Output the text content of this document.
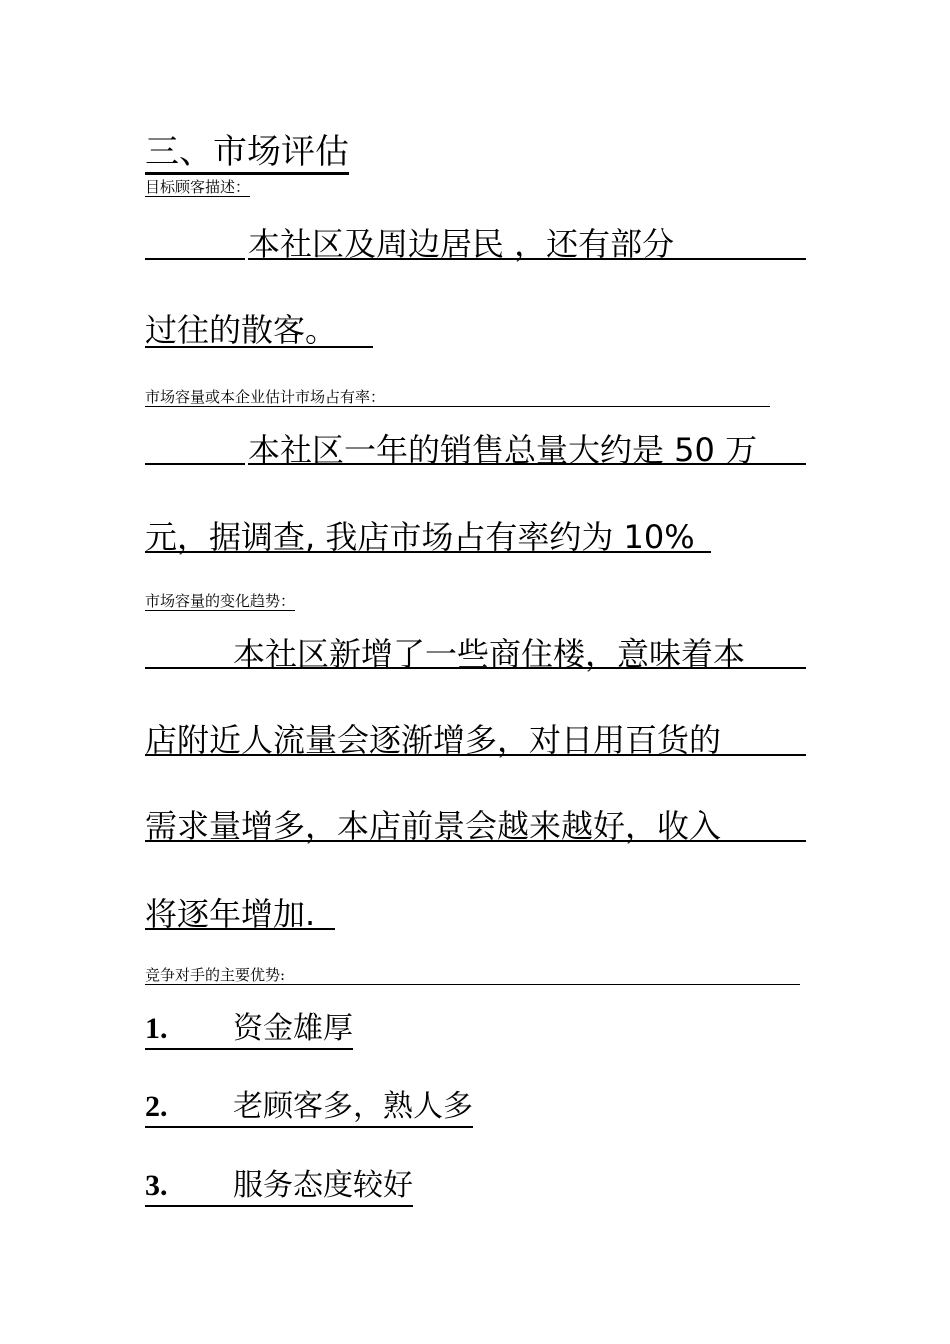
三、市场评估
目标顾客描述：
本社区及周边居民 ，还有部分
过往的散客。
市场容量或本企业估计市场占有率：
本社区一年的销售总量大约是 50 万
元，据调查, 我店市场占有率约为 10%
市场容量的变化趋势：
本社区新增了一些商住楼，意味着本
店附近人流量会逐渐增多，对日用百货的
需求量增多，本店前景会越来越好，收入
将逐年增加.
竞争对手的主要优势:
1. 资金雄厚
2. 老顾客多，熟人多
3. 服务态度较好
